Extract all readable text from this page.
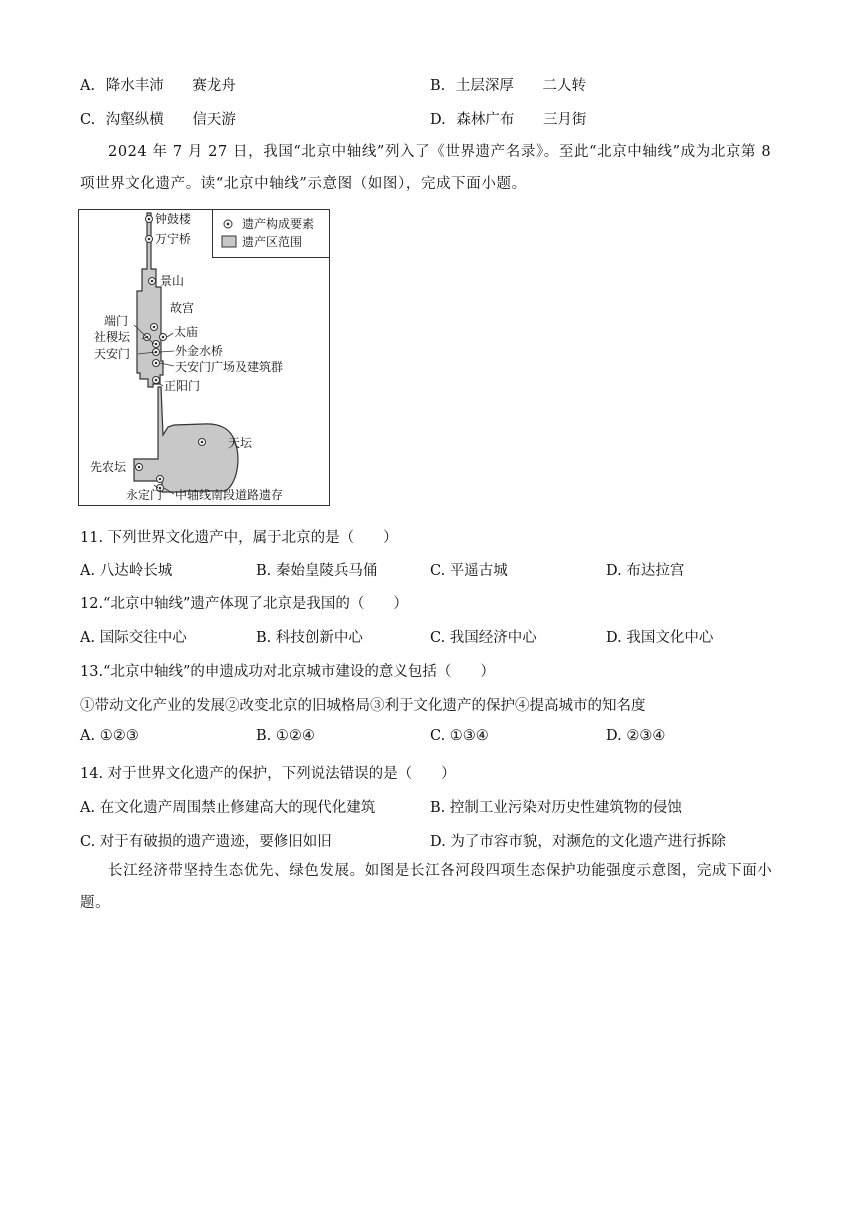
A. 降水丰沛 赛龙舟	B. 土层深厚 二人转
C. 沟壑纵横 信天游	D. 森林广布 三月街
2024 年 7 月 27 日，我国“北京中轴线”列入了《世界遗产名录》。至此“北京中轴线”成为北京第 8 项世界文化遗产。读“北京中轴线”示意图（如图），完成下面小题。
遗产构成要素
遗产区范围
钟鼓楼
万宁桥
景山
故宫
端门
太庙
社稷坛
外金水桥
天安门
天安门广场及建筑群
正阳门
天坛
先农坛
永定门 中轴线南段道路遗存
11. 下列世界文化遗产中，属于北京的是（　　）
A. 八达岭长城	B. 秦始皇陵兵马俑	C. 平遥古城	D. 布达拉宫
12.“北京中轴线”遗产体现了北京是我国的（　　）
A. 国际交往中心	B. 科技创新中心	C. 我国经济中心	D. 我国文化中心
13.“北京中轴线”的申遗成功对北京城市建设的意义包括（　　）
①带动文化产业的发展②改变北京的旧城格局③利于文化遗产的保护④提高城市的知名度
A. ①②③	B. ①②④	C. ①③④	D. ②③④
14. 对于世界文化遗产的保护，下列说法错误的是（　　）
A. 在文化遗产周围禁止修建高大的现代化建筑	B. 控制工业污染对历史性建筑物的侵蚀
C. 对于有破损的遗产遗迹，要修旧如旧	D. 为了市容市貌，对濒危的文化遗产进行拆除
长江经济带坚持生态优先、绿色发展。如图是长江各河段四项生态保护功能强度示意图，完成下面小题。
